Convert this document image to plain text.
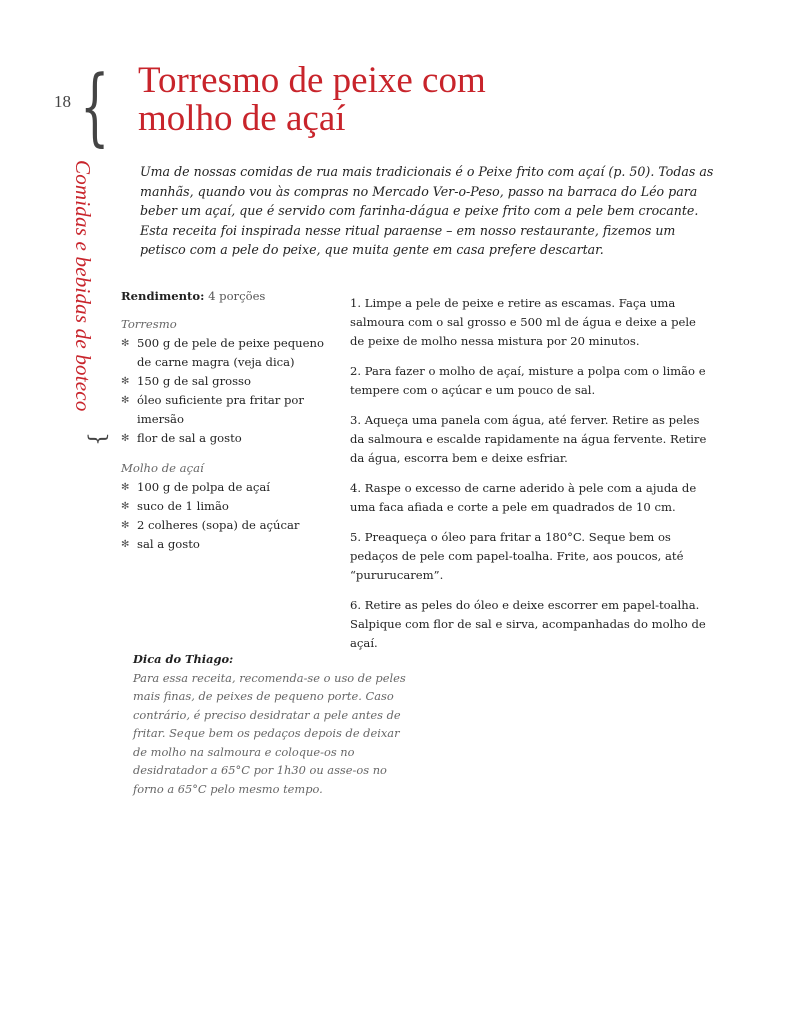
18 {
Comidas e bebidas de boteco
}
Torresmo de peixe com
molho de açaí

Uma de nossas comidas de rua mais tradicionais é o Peixe frito com açaí (p. 50). Todas as manhãs, quando vou às compras no Mercado Ver-o-Peso, passo na barraca do Léo para beber um açaí, que é servido com farinha-dágua e peixe frito com a pele bem crocante. Esta receita foi inspirada nesse ritual paraense – em nosso restaurante, fizemos um petisco com a pele do peixe, que muita gente em casa prefere descartar.

Rendimento: 4 porções
Torresmo
✻ 500 g de pele de peixe pequeno de carne magra (veja dica)
✻ 150 g de sal grosso
✻ óleo suficiente pra fritar por imersão
✻ flor de sal a gosto
Molho de açaí
✻ 100 g de polpa de açaí
✻ suco de 1 limão
✻ 2 colheres (sopa) de açúcar
✻ sal a gosto
1. Limpe a pele de peixe e retire as escamas. Faça uma salmoura com o sal grosso e 500 ml de água e deixe a pele de peixe de molho nessa mistura por 20 minutos.
2. Para fazer o molho de açaí, misture a polpa com o limão e tempere com o açúcar e um pouco de sal.
3. Aqueça uma panela com água, até ferver. Retire as peles da salmoura e escalde rapidamente na água fervente. Retire da água, escorra bem e deixe esfriar.
4. Raspe o excesso de carne aderido à pele com a ajuda de uma faca afiada e corte a pele em quadrados de 10 cm.
5. Preaqueça o óleo para fritar a 180°C. Seque bem os pedaços de pele com papel-toalha. Frite, aos poucos, até “pururucarem”.
6. Retire as peles do óleo e deixe escorrer em papel-toalha. Salpique com flor de sal e sirva, acompanhadas do molho de açaí.
Dica do Thiago:

Para essa receita, recomenda-se o uso de peles mais finas, de peixes de pequeno porte. Caso contrário, é preciso desidratar a pele antes de fritar. Seque bem os pedaços depois de deixar de molho na salmoura e coloque-os no desidratador a 65°C por 1h30 ou asse-os no forno a 65°C pelo mesmo tempo.
